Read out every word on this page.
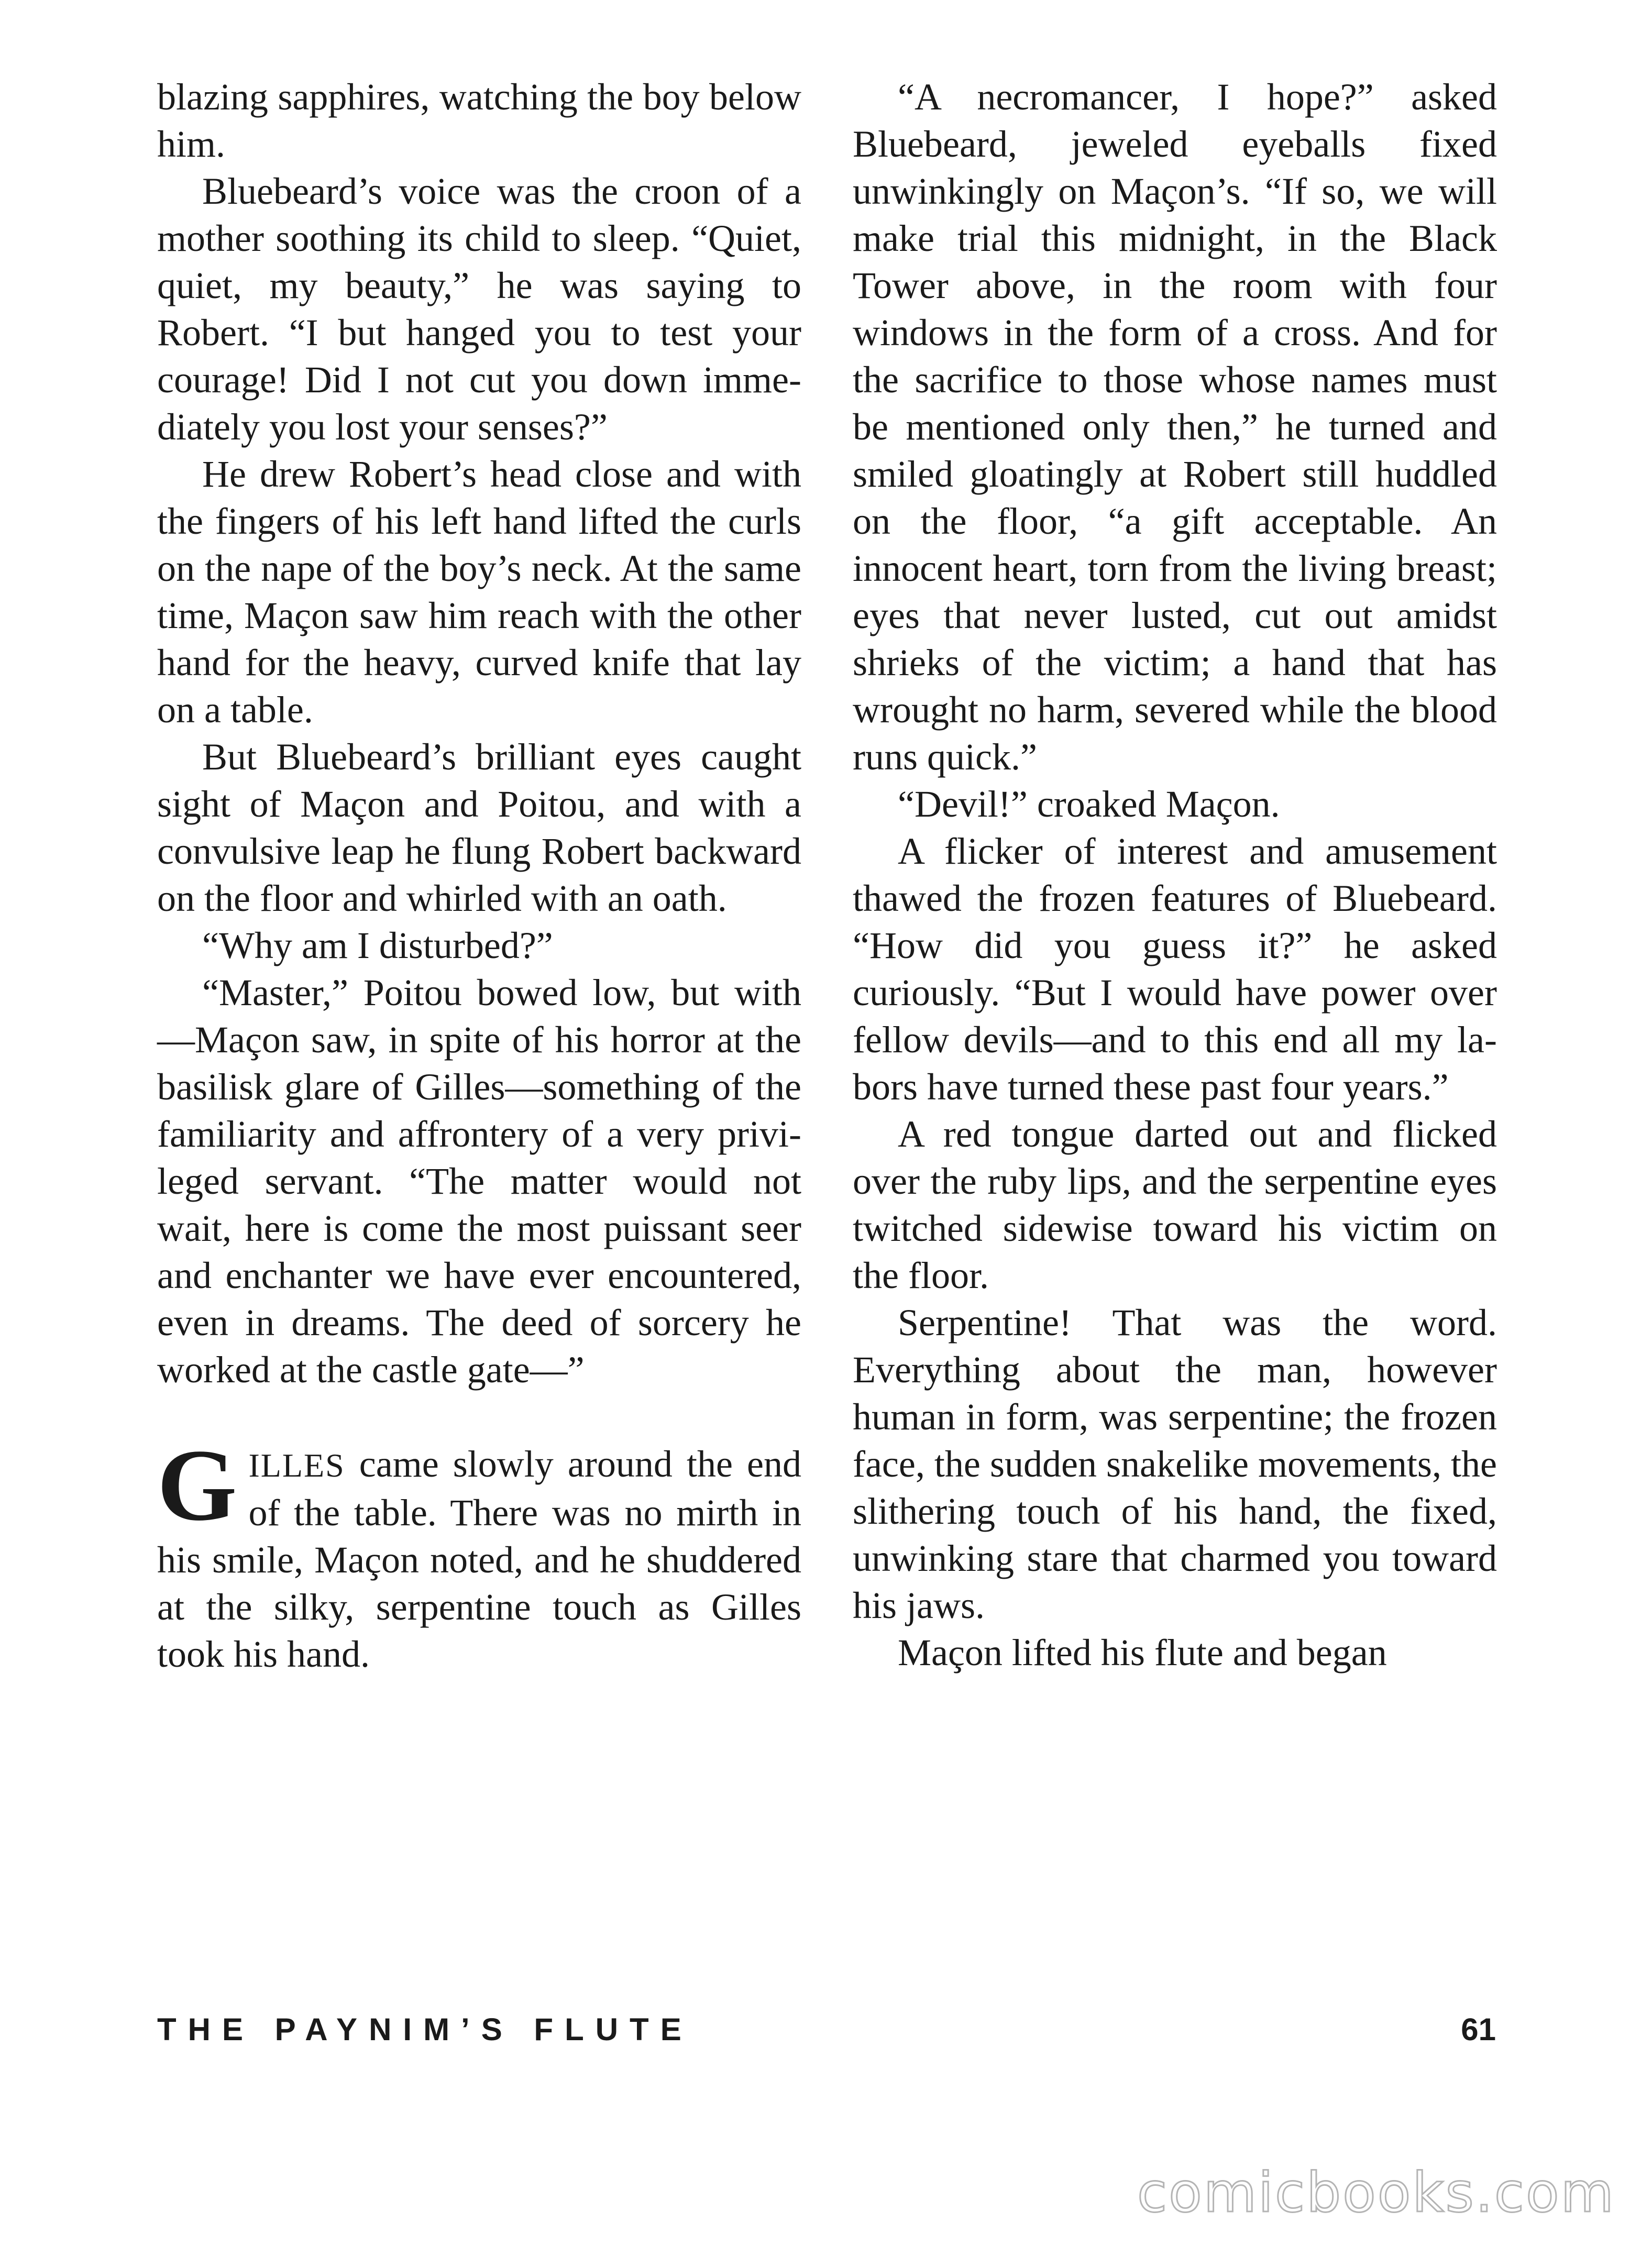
blazing sapphires, watching the boy below him.

Bluebeard’s voice was the croon of a mother soothing its child to sleep. “Quiet, quiet, my beauty,” he was saying to Robert. “I but hanged you to test your courage! Did I not cut you down immediately you lost your senses?”

He drew Robert’s head close and with the fingers of his left hand lifted the curls on the nape of the boy’s neck. At the same time, Maçon saw him reach with the other hand for the heavy, curved knife that lay on a table.

But Bluebeard’s brilliant eyes caught sight of Maçon and Poitou, and with a convulsive leap he flung Robert backward on the floor and whirled with an oath.

“Why am I disturbed?”

“Master,” Poitou bowed low, but with—Maçon saw, in spite of his horror at the basilisk glare of Gilles—something of the familiarity and affrontery of a very privileged servant. “The matter would not wait, here is come the most puissant seer and enchanter we have ever encountered, even in dreams. The deed of sorcery he worked at the castle gate—”

GILLES came slowly around the end of the table. There was no mirth in his smile, Maçon noted, and he shuddered at the silky, serpentine touch as Gilles took his hand.

“A necromancer, I hope?” asked Bluebeard, jeweled eyeballs fixed unwinkingly on Maçon’s. “If so, we will make trial this midnight, in the Black Tower above, in the room with four windows in the form of a cross. And for the sacrifice to those whose names must be mentioned only then,” he turned and smiled gloatingly at Robert still huddled on the floor, “a gift acceptable. An innocent heart, torn from the living breast; eyes that never lusted, cut out amidst shrieks of the victim; a hand that has wrought no harm, severed while the blood runs quick.”

“Devil!” croaked Maçon.

A flicker of interest and amusement thawed the frozen features of Bluebeard. “How did you guess it?” he asked curiously. “But I would have power over fellow devils—and to this end all my labors have turned these past four years.”

A red tongue darted out and flicked over the ruby lips, and the serpentine eyes twitched sidewise toward his victim on the floor.

Serpentine! That was the word. Everything about the man, however human in form, was serpentine; the frozen face, the sudden snakelike movements, the slithering touch of his hand, the fixed, unwinking stare that charmed you toward his jaws.

Maçon lifted his flute and began

THE PAYNIM’S FLUTE	61
comicbooks.com
